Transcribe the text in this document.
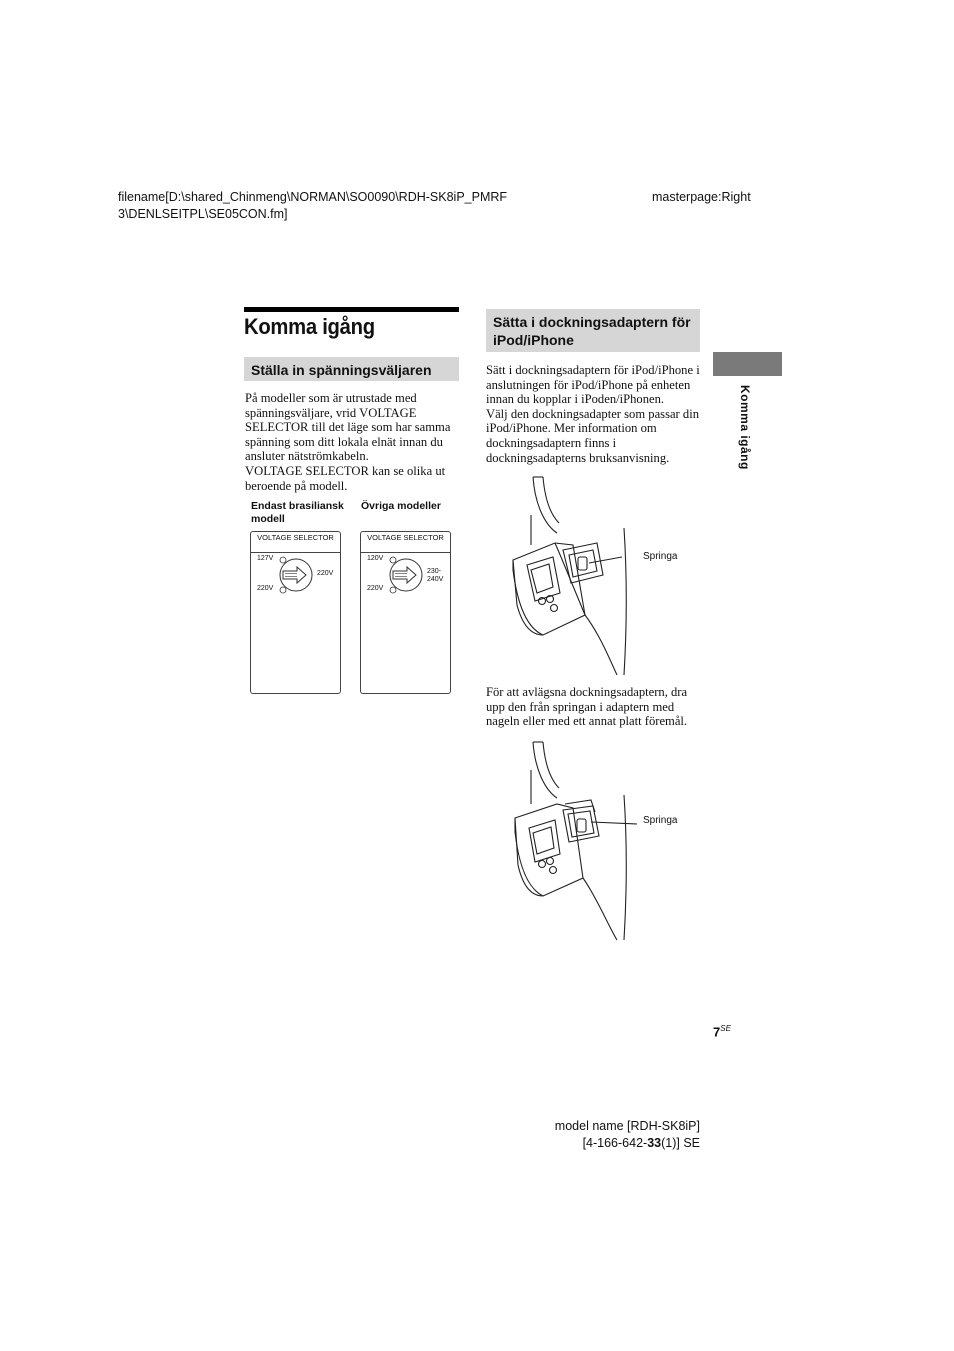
filename[D:\shared_Chinmeng\NORMAN\SO0090\RDH-SK8iP_PMRF
3\DENLSEITPL\SE05CON.fm]
masterpage:Right
Komma igång
Ställa in spänningsväljaren

På modeller som är utrustade med spänningsväljare, vrid VOLTAGE SELECTOR till det läge som har samma spänning som ditt lokala elnät innan du ansluter nätströmkabeln.

VOLTAGE SELECTOR kan se olika ut beroende på modell.

Endast brasiliansk modell
Övriga modeller
VOLTAGE SELECTOR
127V
220V
220V
VOLTAGE SELECTOR
120V
230-240V
220V
Sätta i dockningsadaptern för iPod/iPhone

Sätt i dockningsadaptern för iPod/iPhone i anslutningen för iPod/iPhone på enheten innan du kopplar i iPoden/iPhonen.

Välj den dockningsadapter som passar din iPod/iPhone. Mer information om dockningsadaptern finns i dockningsadapterns bruksanvisning.

Springa

För att avlägsna dockningsadaptern, dra upp den från springan i adaptern med nageln eller med ett annat platt föremål.

Springa
Komma igång
$7^{SE}$
model name [RDH-SK8iP]
[4-166-642-33(1)] SE
